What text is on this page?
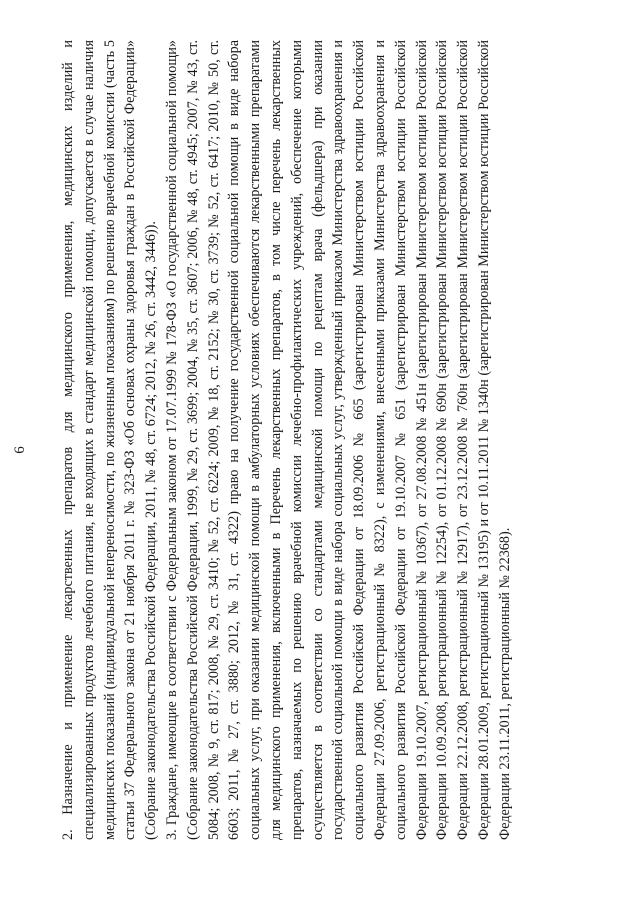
6 2. Назначение и применение лекарственных препаратов для медицинского применения, медицинских изделий и специализированных продуктов лечебного питания, не входящих в стандарт медицинской помощи, допускается в случае наличия медицинских показаний (индивидуальной непереносимости, по жизненным показаниям) по решению врачебной комиссии (часть 5 статьи 37 Федерального закона от 21 ноября 2011 г. № 323-ФЗ «Об основах охраны здоровья граждан в Российской Федерации» (Собрание законодательства Российской Федерации, 2011, № 48, ст. 6724; 2012, № 26, ст. 3442, 3446)). 3. Граждане, имеющие в соответствии с Федеральным законом от 17.07.1999 № 178-ФЗ «О государственной социальной помощи» (Собрание законодательства Российской Федерации, 1999, № 29, ст. 3699; 2004, № 35, ст. 3607; 2006, № 48, ст. 4945; 2007, № 43, ст. 5084; 2008, № 9, ст. 817; 2008, № 29, ст. 3410; № 52, ст. 6224; 2009, № 18, ст. 2152; № 30, ст. 3739; № 52, ст. 6417; 2010, № 50, ст. 6603; 2011, № 27, ст. 3880; 2012, № 31, ст. 4322) право на получение государственной социальной помощи в виде набора социальных услуг, при оказании медицинской помощи в амбулаторных условиях обеспечиваются лекарственными препаратами для медицинского применения, включенными в Перечень лекарственных препаратов, в том числе перечень лекарственных препаратов, назначаемых по решению врачебной комиссии лечебно-профилактических учреждений, обеспечение которыми осуществляется в соответствии со стандартами медицинской помощи по рецептам врача (фельдшера) при оказании государственной социальной помощи в виде набора социальных услуг, утвержденный приказом Министерства здравоохранения и социального развития Российской Федерации от 18.09.2006 № 665 (зарегистрирован Министерством юстиции Российской Федерации 27.09.2006, регистрационный № 8322), с изменениями, внесенными приказами Министерства здравоохранения и социального развития Российской Федерации от 19.10.2007 № 651 (зарегистрирован Министерством юстиции Российской Федерации 19.10.2007, регистрационный № 10367), от 27.08.2008 № 451н (зарегистрирован Министерством юстиции Российской Федерации 10.09.2008, регистрационный № 12254), от 01.12.2008 № 690н (зарегистрирован Министерством юстиции Российской Федерации 22.12.2008, регистрационный № 12917), от 23.12.2008 № 760н (зарегистрирован Министерством юстиции Российской Федерации 28.01.2009, регистрационный № 13195) и от 10.11.2011 № 1340н (зарегистрирован Министерством юстиции Российской Федерации 23.11.2011, регистрационный № 22368).
